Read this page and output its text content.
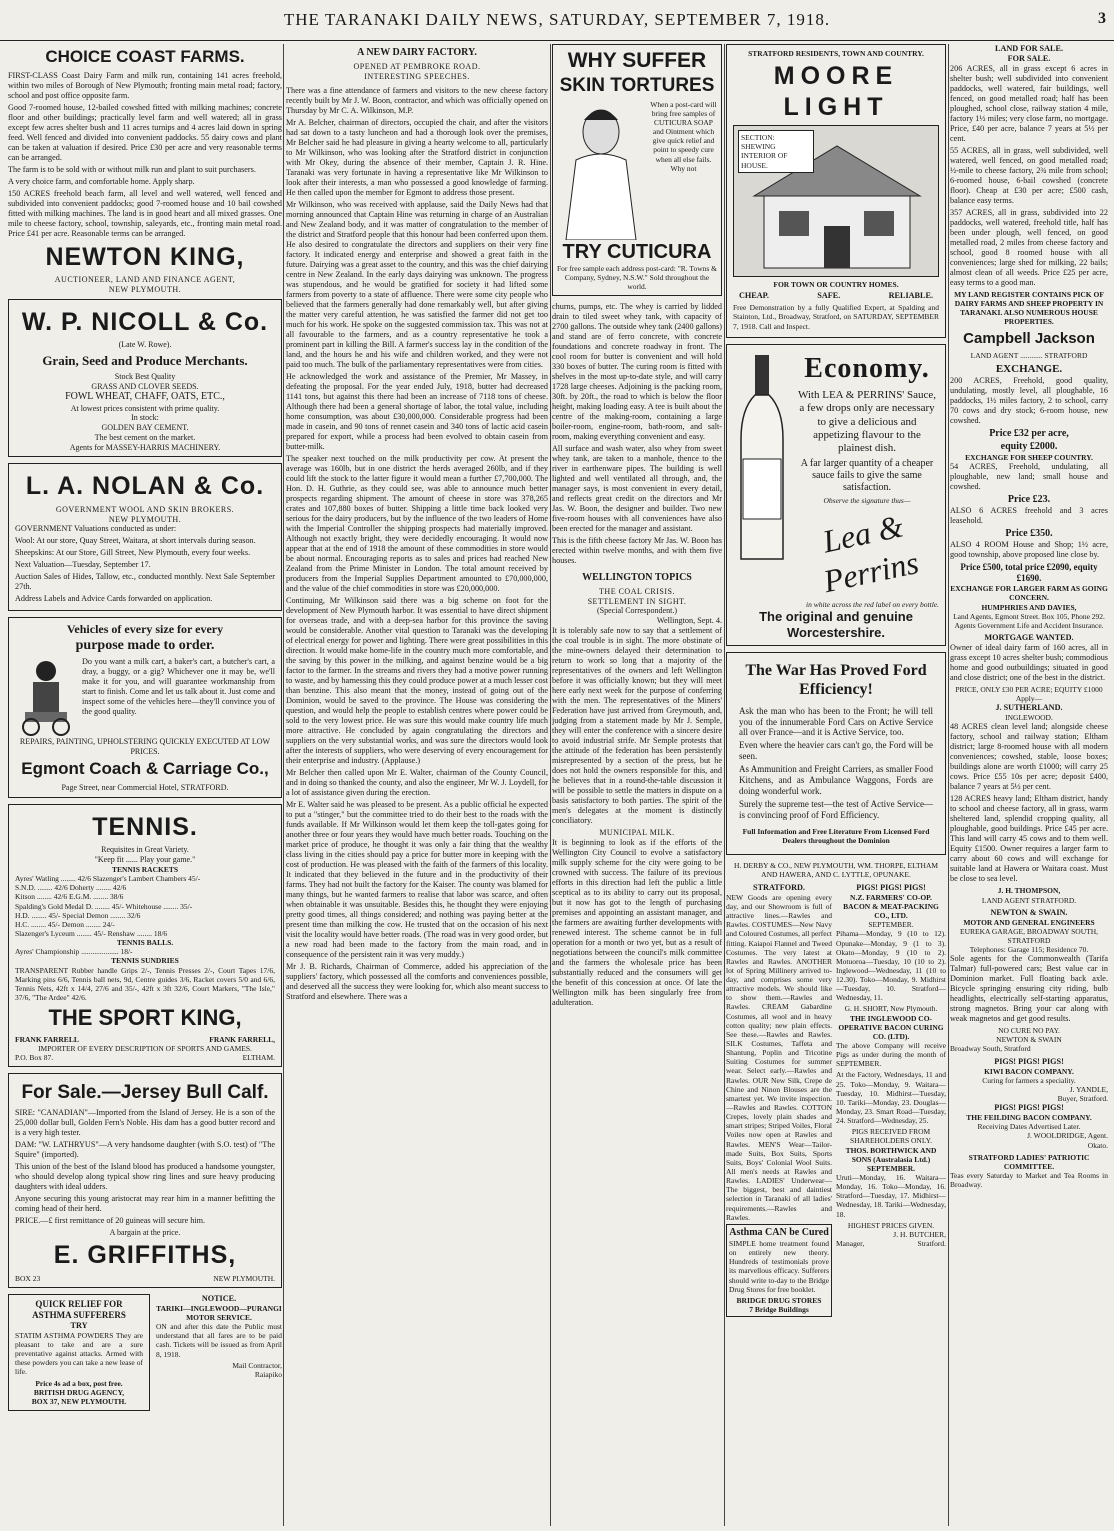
THE TARANAKI DAILY NEWS, SATURDAY, SEPTEMBER 7, 1918.	3
CHOICE COAST FARMS.

FIRST-CLASS Coast Dairy Farm and milk run, containing 141 acres freehold, within two miles of Borough of New Plymouth; fronting main metal road; factory, school and post office opposite farm.

Good 7-roomed house, 12-bailed cowshed fitted with milking machines; concrete floor and other buildings; practically level farm and well watered; all in grass except few acres shelter bush and 11 acres turnips and 4 acres laid down in spring feed. Well fenced and divided into convenient paddocks. 55 dairy cows and plant can be taken at valuation if desired. Price £30 per acre and very reasonable terms can be arranged.

The farm is to be sold with or without milk run and plant to suit purchasers.

A very choice farm, and comfortable home. Apply sharp.

150 ACRES freehold beach farm, all level and well watered, well fenced and subdivided into convenient paddocks; good 7-roomed house and 10 bail cowshed fitted with milking machines. The land is in good heart and all mixed grasses. One mile to cheese factory, school, township, saleyards, etc., fronting main metal road. Price £41 per acre. Reasonable terms can be arranged.

NEWTON KING,
AUCTIONEER, LAND AND FINANCE AGENT,
NEW PLYMOUTH.
W. P. NICOLL & Co.
(Late W. Rowe).
Grain, Seed and Produce Merchants.
Stock Best Quality
GRASS AND CLOVER SEEDS.
FOWL WHEAT, CHAFF, OATS, ETC.,
At lowest prices consistent with prime quality.
In stock:
GOLDEN BAY CEMENT.
The best cement on the market.
Agents for MASSEY-HARRIS MACHINERY.
L. A. NOLAN & Co.
GOVERNMENT WOOL AND SKIN BROKERS.
NEW PLYMOUTH.

GOVERNMENT Valuations conducted as under:

Wool: At our store, Quay Street, Waitara, at short intervals during season.

Sheepskins: At our Store, Gill Street, New Plymouth, every four weeks.

Next Valuation—Tuesday, September 17.

Auction Sales of Hides, Tallow, etc., conducted monthly. Next Sale September 27th.

Address Labels and Advice Cards forwarded on application.

Vehicles of every size for every
purpose made to order.

Do you want a milk cart, a baker's cart, a butcher's cart, a dray, a buggy, or a gig? Whichever one it may be, we'll make it for you, and will guarantee workmanship from start to finish. Come and let us talk about it. Just come and inspect some of the vehicles here—they'll convince you of the good quality.

REPAIRS, PAINTING, UPHOLSTERING QUICKLY EXECUTED AT LOW PRICES.
Egmont Coach & Carriage Co.,
Page Street, near Commercial Hotel, STRATFORD.
TENNIS.
Requisites in Great Variety.
"Keep fit ...... Play your game."
TENNIS RACKETS
Ayres' Watling ........ 42/6 Slazenger's Lambert Chambers 45/-
S.N.D. ........ 42/6 Doherty ........ 42/6
Kitson ........ 42/6 E.G.M. ........ 38/6
Spalding's Gold Medal D. ........ 45/- Whitehouse ........ 35/-
H.D. ........ 45/- Special Demon ........ 32/6
H.C. ........ 45/- Demon ........ 24/-
Slazenger's Lyceum ........ 45/- Renshaw ........ 18/6
TENNIS BALLS.
Ayres' Championship .................... 18/-
TENNIS SUNDRIES

TRANSPARENT Rubber handle Grips 2/-, Tennis Presses 2/-, Court Tapes 17/6, Marking pins 6/6, Tennis ball nets, 9d, Centre guides 3/6, Racket covers 5/0 and 6/6, Tennis Nets, 42ft x 14/4, 27/6 and 35/-, 42ft x 3ft 32/6, Court Markers, "The Isle," 37/6, "The Ardee" 42/6.

THE SPORT KING,
FRANK FARRELL	FRANK FARRELL,
IMPORTER OF EVERY DESCRIPTION OF SPORTS AND GAMES.
P.O. Box 87.	ELTHAM.
For Sale.—Jersey Bull Calf.

SIRE: "CANADIAN"—Imported from the Island of Jersey. He is a son of the 25,000 dollar bull, Golden Fern's Noble. His dam has a good butter record and is a very high tester.

DAM: "W. LATHRYUS"—A very handsome daughter (with S.O. test) of "The Squire" (imported).

This union of the best of the Island blood has produced a handsome youngster, who should develop along typical show ring lines and sure heavy producing daughters with ideal udders.

Anyone securing this young aristocrat may rear him in a manner befitting the coming head of their herd.

PRICE.—£ first remittance of 20 guineas will secure him.

A bargain at the price.
E. GRIFFITHS,
BOX 23	NEW PLYMOUTH.
QUICK RELIEF FOR ASTHMA SUFFERERS
TRY

STATIM ASTHMA POWDERS They are pleasant to take and are a sure preventative against attacks. Armed with these powders you can take a new lease of life.

Price 4s ad a box, post free.
BRITISH DRUG AGENCY,
BOX 37, NEW PLYMOUTH.
NOTICE.
TARIKI—INGLEWOOD—PURANGI MOTOR SERVICE.

ON and after this date the Public must understand that all fares are to be paid cash. Tickets will be issued as from April 8, 1918.

Mail Contractor,
Raiapiko
A NEW DAIRY FACTORY.
OPENED AT PEMBROKE ROAD.
INTERESTING SPEECHES.

There was a fine attendance of farmers and visitors to the new cheese factory recently built by Mr J. W. Boon, contractor, and which was officially opened on Thursday by Mr C. A. Wilkinson, M.P.

Mr A. Belcher, chairman of directors, occupied the chair, and after the visitors had sat down to a tasty luncheon and had a thorough look over the premises, Mr Belcher said he had pleasure in giving a hearty welcome to all, particularly to Mr Wilkinson, who was looking after the Stratford district in conjunction with Mr Okey, during the absence of their member, Captain J. R. Hine. Taranaki was very fortunate in having a representative like Mr Wilkinson to look after their interests, a man who possessed a good knowledge of farming. He then called upon the member for Egmont to address those present.

Mr Wilkinson, who was received with applause, said the Daily News had that morning announced that Captain Hine was returning in charge of an Australian and New Zealand body, and it was matter of congratulation to the member of the district and Stratford people that this honour had been conferred upon them. He also desired to congratulate the directors and suppliers on their very fine factory. It indicated energy and enterprise and showed a great faith in the future. Dairying was a great asset to the country, and this was the chief dairying centre in New Zealand. In the early days dairying was unknown. The progress was stupendous, and he would be gratified for society it had lifted some farmers from poverty to a state of affluence. There were some city people who believed that the farmers generally had done remarkably well, but after giving the matter very careful attention, he was satisfied the farmer did not get too much for his work. He spoke on the suggested commission tax. This was not at all favourable to the farmers, and as a country representative he took a prominent part in killing the Bill. A farmer's success lay in the condition of the land, and the hours he and his wife and children worked, and they were not paid too much. The bulk of the parliamentary representatives were from cities.

He acknowledged the work and assistance of the Premier, Mr Massey, in defeating the proposal. For the year ended July, 1918, butter had decreased 1141 tons, but against this there had been an increase of 7118 tons of cheese. Although there had been a general shortage of labor, the total value, including home consumption, was about £30,000,000. Considerable progress had been made in casein, and 90 tons of rennet casein and 340 tons of lactic acid casein prepared for export, while a process had been evolved to obtain casein from butter-milk.

The speaker next touched on the milk productivity per cow. At present the average was 160lb, but in one district the herds averaged 260lb, and if they could lift the stock to the latter figure it would mean a further £7,700,000. The Hon. D. H. Guthrie, as they could see, was able to announce much better prospects regarding shipment. The amount of cheese in store was 378,265 crates and 107,880 boxes of butter. Shipping a little time back looked very serious for the dairy producers, but by the influence of the two leaders of Home with the Imperial Controller the shipping prospects had materially improved. Although not exactly bright, they were decidedly encouraging. It would now appear that at the end of 1918 the amount of these commodities in store would be about normal. Encouraging reports as to sales and prices had reached New Zealand from the Prime Minister in London. The total amount received by producers from the Imperial Supplies Department amounted to £70,000,000, and the value of the chief commodities in store was £20,000,000.

Continuing, Mr Wilkinson said there was a big scheme on foot for the development of New Plymouth harbor. It was essential to have direct shipment for overseas trade, and with a deep-sea harbor for this province the saving would be considerable. Another vital question to Taranaki was the developing of electrical energy for power and lighting. There were great possibilities in this direction. It would make home-life in the country much more comfortable, and the saving by this power in the milking, and against benzine would be a big factor to the farmer. In the streams and rivers they had a motive power running to waste, and by harnessing this they could produce power at a much lesser cost than benzine. This also meant that the money, instead of going out of the Dominion, would be saved to the province. The House was considering the question, and would help the people to establish centres where power could be sold to the very lowest price. He was sure this would make country life much more attractive. He concluded by again congratulating the directors and suppliers on the very substantial works, and was sure the directors would look after the interests of suppliers, who were deserving of every encouragement for their enterprise and industry. (Applause.)

Mr Belcher then called upon Mr E. Walter, chairman of the County Council, and in doing so thanked the county, and also the engineer, Mr W. J. Loydell, for a lot of assistance given during the erection.

Mr E. Walter said he was pleased to be present. As a public official he expected to put a "stinger," but the committee tried to do their best to the roads with the funds available. If Mr Wilkinson would let them keep the toll-gates going for another three or four years they would have much better roads. Touching on the market price of produce, he thought it was only a fair thing that the wealthy class living in the cities should pay a price for butter more in keeping with the cost of production. He was pleased with the faith of the farmers of this locality. It indicated that they believed in the future and in the productivity of their farms. They had not built the factory for the Kaiser. The county was blamed for many things, but he wanted farmers to realise that labor was scarce, and often when obtainable it was unsuitable. Besides this, he thought they were enjoying pretty good times, all things considered; and nothing was paying better at the present time than milking the cow. He trusted that on the occasion of his next visit the locality would have better roads. (The road was in very good order, but a new road had been made to the factory from the main road, and in consequence of the persistent rain it was very muddy.)

Mr J. B. Richards, Chairman of Commerce, added his appreciation of the suppliers' factory, which possessed all the comforts and conveniences possible, and deserved all the success they were looking for, which also meant success to Stratford and elsewhere. There was a

WHY SUFFER
SKIN TORTURES
When a post-card will bring free samples of CUTICURA SOAP and Ointment which give quick relief and point to speedy cure when all else fails. Why not
TRY CUTICURA
For free sample each address post-card: "R. Towns & Company, Sydney, N.S.W." Sold throughout the world.

churns, pumps, etc. The whey is carried by lidded drain to tiled sweet whey tank, with capacity of 2700 gallons. The outside whey tank (2400 gallons) and stand are of ferro concrete, with concrete foundations and concrete roadway in front. The cool room for butter is convenient and will hold 330 boxes of butter. The curing room is fitted with shelves in the most up-to-date style, and will carry 1728 large cheeses. Adjoining is the packing room, 30ft. by 20ft., the road to which is below the floor height, making loading easy. A tee is built about the centre of the making-room, containing a large boiler-room, engine-room, bath-room, and salt-room, making everything convenient and easy.

All surface and wash water, also whey from sweet whey tank, are taken to a manhole, thence to the river in earthenware pipes. The building is well lighted and well ventilated all through, and, the manager says, is most convenient in every detail, and reflects great credit on the directors and Mr Jas. W. Boon, the designer and builder. Two new five-room houses with all conveniences have also been erected for the manager and assistant.

This is the fifth cheese factory Mr Jas. W. Boon has erected within twelve months, and with them five houses.

WELLINGTON TOPICS
THE COAL CRISIS.
SETTLEMENT IN SIGHT.
(Special Correspondent.)
Wellington, Sept. 4.

It is tolerably safe now to say that a settlement of the coal trouble is in sight. The more obstinate of the mine-owners delayed their determination to return to work so long that a majority of the representatives of the owners and left Wellington before it was officially known; but they will meet here early next week for the purpose of conferring with the men. The representatives of the Miners' Federation have just arrived from Greymouth, and, judging from a statement made by Mr J. Semple, they will enter the conference with a sincere desire to avoid industrial strife. Mr Semple protests that the attitude of the federation has been persistently misrepresented by a section of the press, but he does not hold the owners responsible for this, and he believes that in a round-the-table discussion it will be possible to settle the matters in dispute on a basis satisfactory to both parties. The spirit of the men's delegates at the moment is distinctly conciliatory.

MUNICIPAL MILK.

It is beginning to look as if the efforts of the Wellington City Council to evolve a satisfactory milk supply scheme for the city were going to be crowned with success. The failure of its previous efforts in this direction had left the public a little sceptical as to its ability to carry out its proposal, but it now has got to the length of purchasing premises and appointing an assistant manager, and the farmers are awaiting further developments with renewed interest. The scheme cannot be in full operation for a month or two yet, but as a result of negotiations between the council's milk committee and the farmers the wholesale price has been substantially reduced and the consumers will get the benefit of this concession at once. Of late the Wellington milk has been singularly free from adulteration.

STRATFORD RESIDENTS, TOWN AND COUNTRY.
MOORE LIGHT
SECTION: SHEWING INTERIOR OF HOUSE.
FOR TOWN OR COUNTRY HOMES.
CHEAP.	SAFE.	RELIABLE.

Free Demonstration by a fully Qualified Expert, at Spalding and Stainton, Ltd., Broadway, Stratford, on SATURDAY, SEPTEMBER 7, 1918. Call and Inspect.

Economy.

With LEA & PERRINS' Sauce, a few drops only are necessary to give a delicious and appetizing flavour to the plainest dish.

A far larger quantity of a cheaper sauce fails to give the same satisfaction.

Observe the signature thus—
Lea & Perrins
in white across the red label on every bottle.
The original and genuine Worcestershire.
The War Has Proved Ford Efficiency!

Ask the man who has been to the Front; he will tell you of the innumerable Ford Cars on Active Service all over France—and it is Active Service, too.

Even where the heavier cars can't go, the Ford will be seen.

As Ammunition and Freight Carriers, as smaller Food Kitchens, and as Ambulance Waggons, Fords are doing wonderful work.

Surely the supreme test—the test of Active Service—is convincing proof of Ford Efficiency.

Full Information and Free Literature From Licensed Ford Dealers throughout the Dominion
H. DERBY & CO., NEW PLYMOUTH, WM. THORPE, ELTHAM AND HAWERA, AND C. LYTTLE, OPUNAKE.
STRATFORD.

NEW Goods are opening every day, and our Showroom is full of attractive lines.—Rawles and Rawles. COSTUMES—New Navy and Coloured Costumes, all perfect fitting. Kaiapoi Flannel and Tweed Costumes. The very latest at Rawles and Rawles. ANOTHER lot of Spring Millinery arrived to-day, and comprises some very attractive models. We should like to show them.—Rawles and Rawles. CREAM Gabardine Costumes, all wool and in heavy cotton quality; new plain effects. See these.—Rawles and Rawles. SILK Costumes, Taffeta and Shantung, Poplin and Tricotine Suiting Costumes for summer wear. Select early.—Rawles and Rawles. OUR New Silk, Crepe de Chine and Ninon Blouses are the smartest yet. We invite inspection.—Rawles and Rawles. COTTON Crepes, lovely plain shades and smart stripes; Striped Voiles, Floral Voiles now open at Rawles and Rawles. MEN'S Wear—Tailor-made Suits, Box Suits, Sports Suits, Boys' Colonial Wool Suits. All men's needs at Rawles and Rawles. LADIES' Underwear—The biggest, best and daintiest selection in Taranaki of all ladies' requirements.—Rawles and Rawles.

Asthma CAN be Cured

SIMPLE home treatment found on entirely new theory. Hundreds of testimonials prove its marvellous efficacy. Sufferers should write to-day to the Bridge Drug Stores for free booklet.

BRIDGE DRUG STORES
7 Bridge Buildings
PIGS! PIGS! PIGS!
N.Z. FARMERS' CO-OP. BACON & MEAT-PACKING CO., LTD.
SEPTEMBER.

Pihama—Monday, 9 (10 to 12). Opunake—Monday, 9 (1 to 3). Okato—Monday, 9 (10 to 2). Motuoroa—Tuesday, 10 (10 to 2). Inglewood—Wednesday, 11 (10 to 12.30). Toko—Monday, 9. Midhirst—Tuesday, 10. Stratford—Wednesday, 11.

G. H. SHORT, New Plymouth.
THE INGLEWOOD CO-OPERATIVE BACON CURING CO. (LTD).

The above Company will receive Pigs as under during the month of SEPTEMBER.

At the Factory, Wednesdays, 11 and 25. Toko—Monday, 9. Waitara—Tuesday, 10. Midhirst—Tuesday, 10. Tariki—Monday, 23. Douglas—Monday, 23. Smart Road—Tuesday, 24. Stratford—Wednesday, 25.

PIGS RECEIVED FROM SHAREHOLDERS ONLY.
THOS. BORTHWICK AND SONS (Australasia Ltd.) SEPTEMBER.

Uruti—Monday, 16. Waitara—Monday, 16. Toko—Monday, 16. Stratford—Tuesday, 17. Midhirst—Wednesday, 18. Tariki—Wednesday, 18.

HIGHEST PRICES GIVEN.
J. H. BUTCHER,
Manager,	Stratford.
LAND FOR SALE.
FOR SALE.

206 ACRES, all in grass except 6 acres in shelter bush; well subdivided into convenient paddocks, well watered, fair buildings, well fenced, on good metalled road; half has been ploughed, school close, railway station 4 mile, factory 1½ miles; very close farm, no mortgage. Price, £40 per acre, balance 7 years at 5½ per cent.

55 ACRES, all in grass, well subdivided, well watered, well fenced, on good metalled road; ½-mile to cheese factory, 2¾ mile from school; 6-roomed house, 6-bail cowshed (concrete floor). Cheap at £30 per acre; £500 cash, balance easy terms.

357 ACRES, all in grass, subdivided into 22 paddocks, well watered, freehold title, half has been under plough, well fenced, on good metalled road, 2 miles from cheese factory and school, good 8 roomed house with all conveniences; large shed for milking, 22 bails; almost clean of all weeds. Price £25 per acre, easy terms to a good man.

MY LAND REGISTER CONTAINS PICK OF DAIRY FARMS AND SHEEP PROPERTY IN TARANAKI. ALSO NUMEROUS HOUSE PROPERTIES.
Campbell Jackson
LAND AGENT ............ STRATFORD
EXCHANGE.

200 ACRES, Freehold, good quality, undulating, mostly level, all ploughable, 16 paddocks, 1½ miles factory, 2 to school, carry 70 cows and dry stock; 6-room house, new cowshed.

Price £32 per acre,
equity £2000.
EXCHANGE FOR SHEEP COUNTRY.

54 ACRES, Freehold, undulating, all ploughable, new land; small house and cowshed.

Price £23.

ALSO 6 ACRES freehold and 3 acres leasehold.

Price £350.

ALSO 4 ROOM House and Shop; 1½ acre, good township, above proposed line close by.

Price £500, total price £2090, equity £1690.
EXCHANGE FOR LARGER FARM AS GOING CONCERN.
HUMPHRIES AND DAVIES,
Land Agents, Egmont Street. Box 105, Phone 292.
Agents Government Life and Accident Insurance.
MORTGAGE WANTED.

Owner of ideal dairy farm of 160 acres, all in grass except 10 acres shelter bush; commodious home and good outbuildings; situated in good and close district; one of the best in the district.

PRICE, ONLY £30 PER ACRE; EQUITY £1000
Apply—
J. SUTHERLAND.
INGLEWOOD.

48 ACRES clean level land; alongside cheese factory, school and railway station; Eltham district; large 8-roomed house with all modern conveniences; cowshed, stable, loose boxes; buildings alone are worth £1000; will carry 25 cows. Price £55 10s per acre; deposit £400, balance 7 years at 5½ per cent.

128 ACRES heavy land; Eltham district, handy to school and cheese factory, all in grass, warm sheltered land, splendid cropping quality, all ploughable, good buildings. Price £45 per acre. This land will carry 45 cows and to them well. Equity £1500. Owner requires a larger farm to carry about 60 cows and will exchange for suitable land at Hawera or Waitara coast. Must be close to sea level.

J. H. THOMPSON,
LAND AGENT STRATFORD.
NEWTON & SWAIN.
MOTOR AND GENERAL ENGINEERS
EUREKA GARAGE, BROADWAY SOUTH, STRATFORD
Telephones: Garage 115; Residence 70.

Sole agents for the Commonwealth (Tarifa Talmar) full-powered cars; Best value car in Dominion market. Full floating back axle. Bicycle springing ensuring city riding, bulb headlights, electrically self-starting apparatus, strong magnetos. Bring your car along with weak magnetos and get good results.

NO CURE NO PAY.
NEWTON & SWAIN
Broadway South, Stratford
PIGS! PIGS! PIGS!
KIWI BACON COMPANY.
Curing for farmers a speciality.
J. YANDLE,
Buyer, Stratford.
PIGS! PIGS! PIGS!
THE FEILDING BACON COMPANY.
Receiving Dates Advertised Later.
J. WOOLDRIDGE, Agent.
Okato.
STRATFORD LADIES' PATRIOTIC COMMITTEE.

Teas every Saturday to Market and Tea Rooms in Broadway.
